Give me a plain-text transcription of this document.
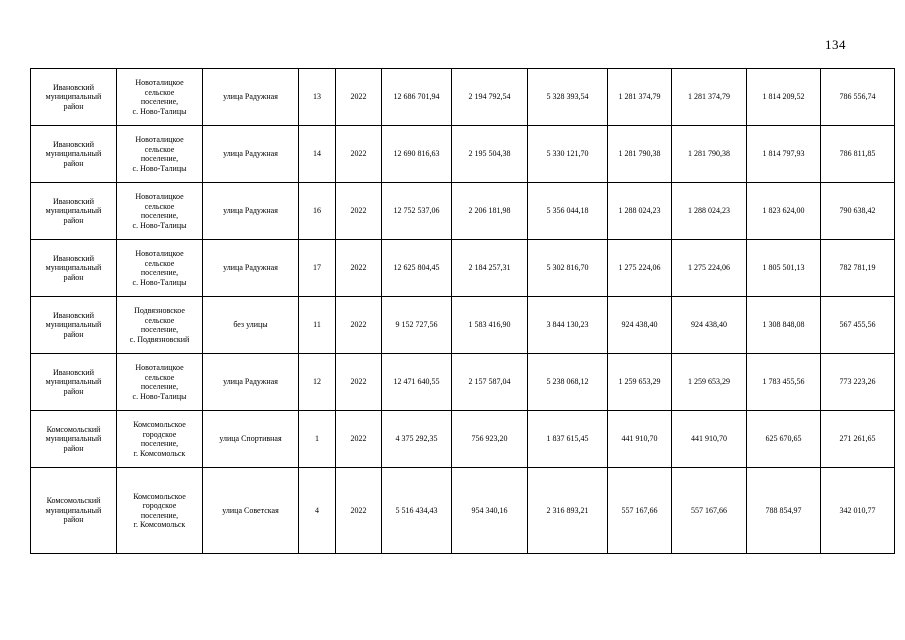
134
Ивановский
муниципальный
район	Новоталицкое
сельское
поселение,
с. Ново-Талицы	улица Радужная	13	2022	12 686 701,94	2 194 792,54	5 328 393,54	1 281 374,79	1 281 374,79	1 814 209,52	786 556,74
Ивановский
муниципальный
район	Новоталицкое
сельское
поселение,
с. Ново-Талицы	улица Радужная	14	2022	12 690 816,63	2 195 504,38	5 330 121,70	1 281 790,38	1 281 790,38	1 814 797,93	786 811,85
Ивановский
муниципальный
район	Новоталицкое
сельское
поселение,
с. Ново-Талицы	улица Радужная	16	2022	12 752 537,06	2 206 181,98	5 356 044,18	1 288 024,23	1 288 024,23	1 823 624,00	790 638,42
Ивановский
муниципальный
район	Новоталицкое
сельское
поселение,
с. Ново-Талицы	улица Радужная	17	2022	12 625 804,45	2 184 257,31	5 302 816,70	1 275 224,06	1 275 224,06	1 805 501,13	782 781,19
Ивановский
муниципальный
район	Подвязновское
сельское
поселение,
с. Подвязновский	без улицы	11	2022	9 152 727,56	1 583 416,90	3 844 130,23	924 438,40	924 438,40	1 308 848,08	567 455,56
Ивановский
муниципальный
район	Новоталицкое
сельское
поселение,
с. Ново-Талицы	улица Радужная	12	2022	12 471 640,55	2 157 587,04	5 238 068,12	1 259 653,29	1 259 653,29	1 783 455,56	773 223,26
Комсомольский
муниципальный
район	Комсомольское
городское
поселение,
г. Комсомольск	улица Спортивная	1	2022	4 375 292,35	756 923,20	1 837 615,45	441 910,70	441 910,70	625 670,65	271 261,65
Комсомольский
муниципальный
район	Комсомольское
городское
поселение,
г. Комсомольск	улица Советская	4	2022	5 516 434,43	954 340,16	2 316 893,21	557 167,66	557 167,66	788 854,97	342 010,77
